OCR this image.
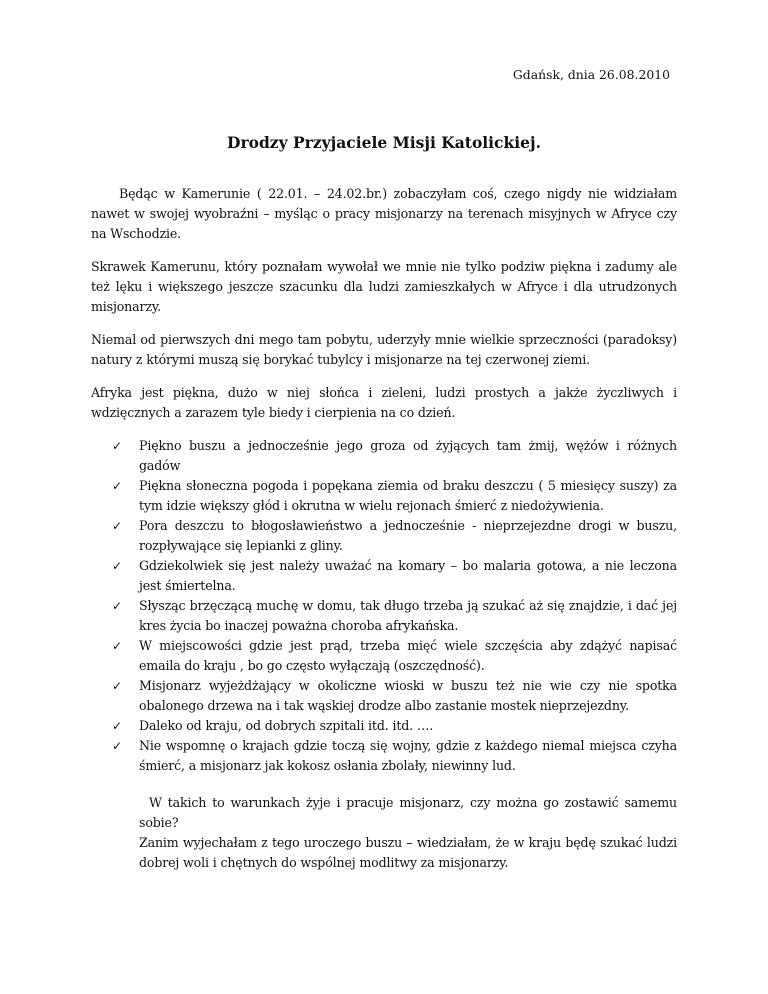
Gdańsk, dnia 26.08.2010
Drodzy Przyjaciele Misji Katolickiej.

Będąc w Kamerunie ( 22.01. – 24.02.br.) zobaczyłam coś, czego nigdy nie widziałam nawet w swojej wyobraźni – myśląc o pracy misjonarzy na terenach misyjnych w Afryce czy na Wschodzie.

Skrawek Kamerunu, który poznałam wywołał we mnie nie tylko podziw piękna i zadumy ale też lęku i większego jeszcze szacunku dla ludzi zamieszkałych w Afryce i dla utrudzonych misjonarzy.

Niemal od pierwszych dni mego tam pobytu, uderzyły mnie wielkie sprzeczności (paradoksy) natury z którymi muszą się borykać tubylcy i misjonarze na tej czerwonej ziemi.

Afryka jest piękna, dużo w niej słońca i zieleni, ludzi prostych a jakże życzliwych i wdzięcznych a zarazem tyle biedy i cierpienia na co dzień.

✓	Piękno buszu a jednocześnie jego groza od żyjących tam żmij, wężów i różnych gadów
✓	Piękna słoneczna pogoda i popękana ziemia od braku deszczu ( 5 miesięcy suszy) za tym idzie większy głód i okrutna w wielu rejonach śmierć z niedożywienia.
✓	Pora deszczu to błogosławieństwo a jednocześnie - nieprzejezdne drogi w buszu, rozpływające się lepianki z gliny.
✓	Gdziekolwiek się jest należy uważać na komary – bo malaria gotowa, a nie leczona jest śmiertelna.
✓	Słysząc brzęczącą muchę w domu, tak długo trzeba ją szukać aż się znajdzie, i dać jej kres życia bo inaczej poważna choroba afrykańska.
✓	W miejscowości gdzie jest prąd, trzeba mięć wiele szczęścia aby zdążyć napisać emaila do kraju , bo go często wyłączają (oszczędność).
✓	Misjonarz wyjeżdżający w okoliczne wioski w buszu też nie wie czy nie spotka obalonego drzewa na i tak wąskiej drodze albo zastanie mostek nieprzejezdny.
✓	Daleko od kraju, od dobrych szpitali itd. itd. ….
✓	Nie wspomnę o krajach gdzie toczą się wojny, gdzie z każdego niemal miejsca czyha śmierć, a misjonarz jak kokosz osłania zbolały, niewinny lud.

W takich to warunkach żyje i pracuje misjonarz, czy można go zostawić samemu sobie?

Zanim wyjechałam z tego uroczego buszu – wiedziałam, że w kraju będę szukać ludzi dobrej woli i chętnych do wspólnej modlitwy za misjonarzy.
